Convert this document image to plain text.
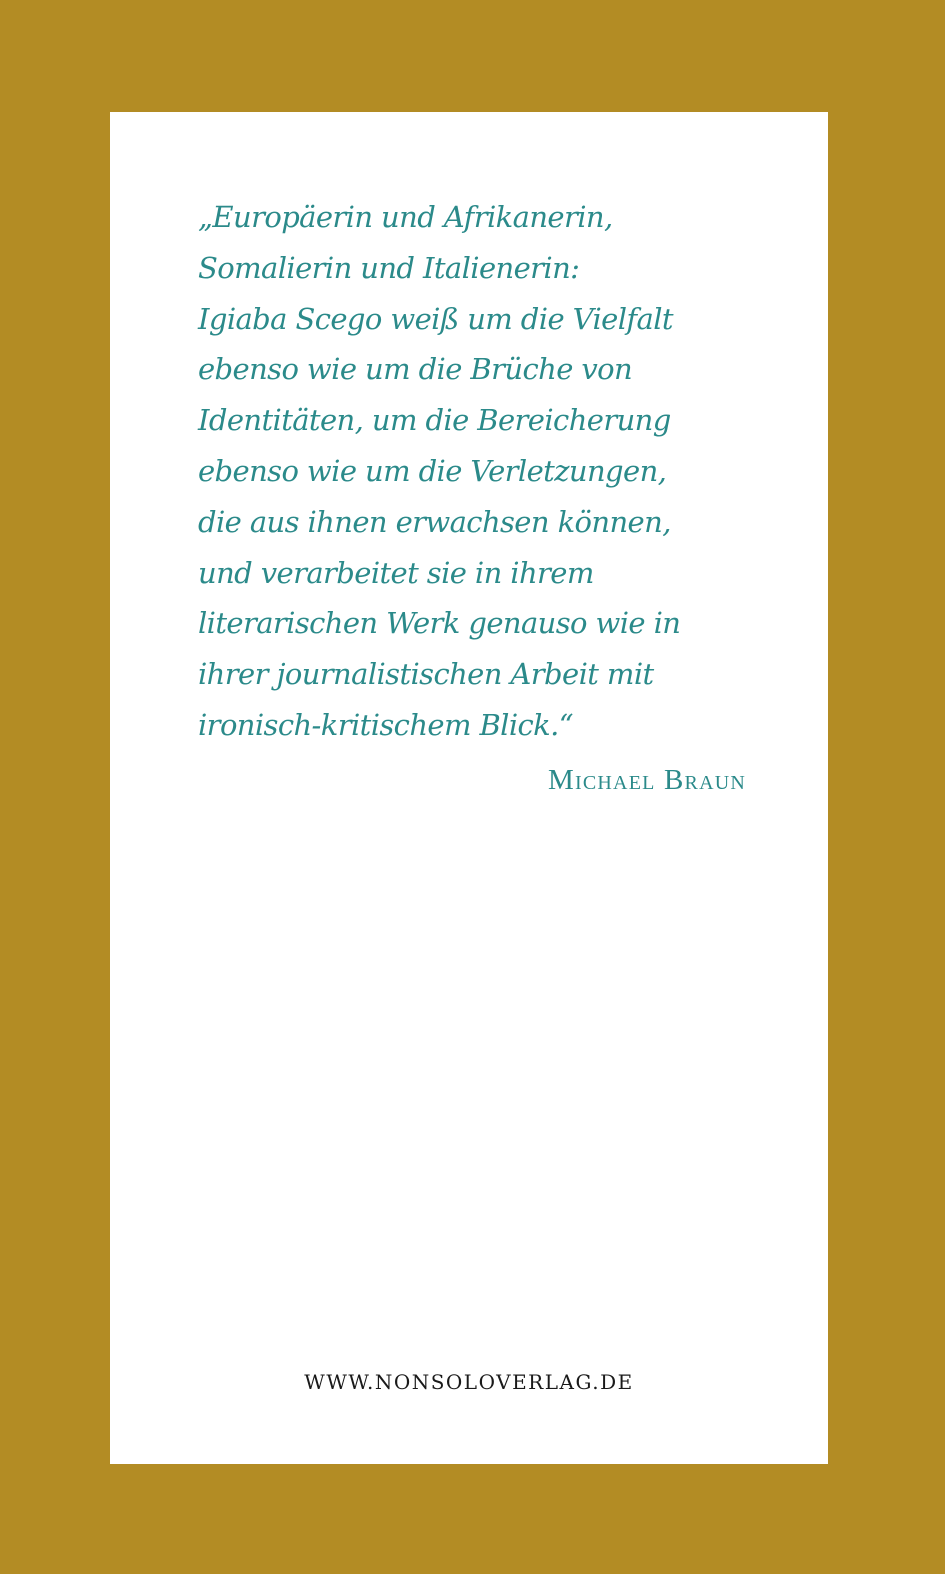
„Europäerin und Afrikanerin,
Somalierin und Italienerin:
Igiaba Scego weiß um die Vielfalt
ebenso wie um die Brüche von
Identitäten, um die Bereicherung
ebenso wie um die Verletzungen,
die aus ihnen erwachsen können,
und verarbeitet sie in ihrem
literarischen Werk genauso wie in
ihrer journalistischen Arbeit mit
ironisch-kritischem Blick.“

Michael Braun
WWW.NONSOLOVERLAG.DE
